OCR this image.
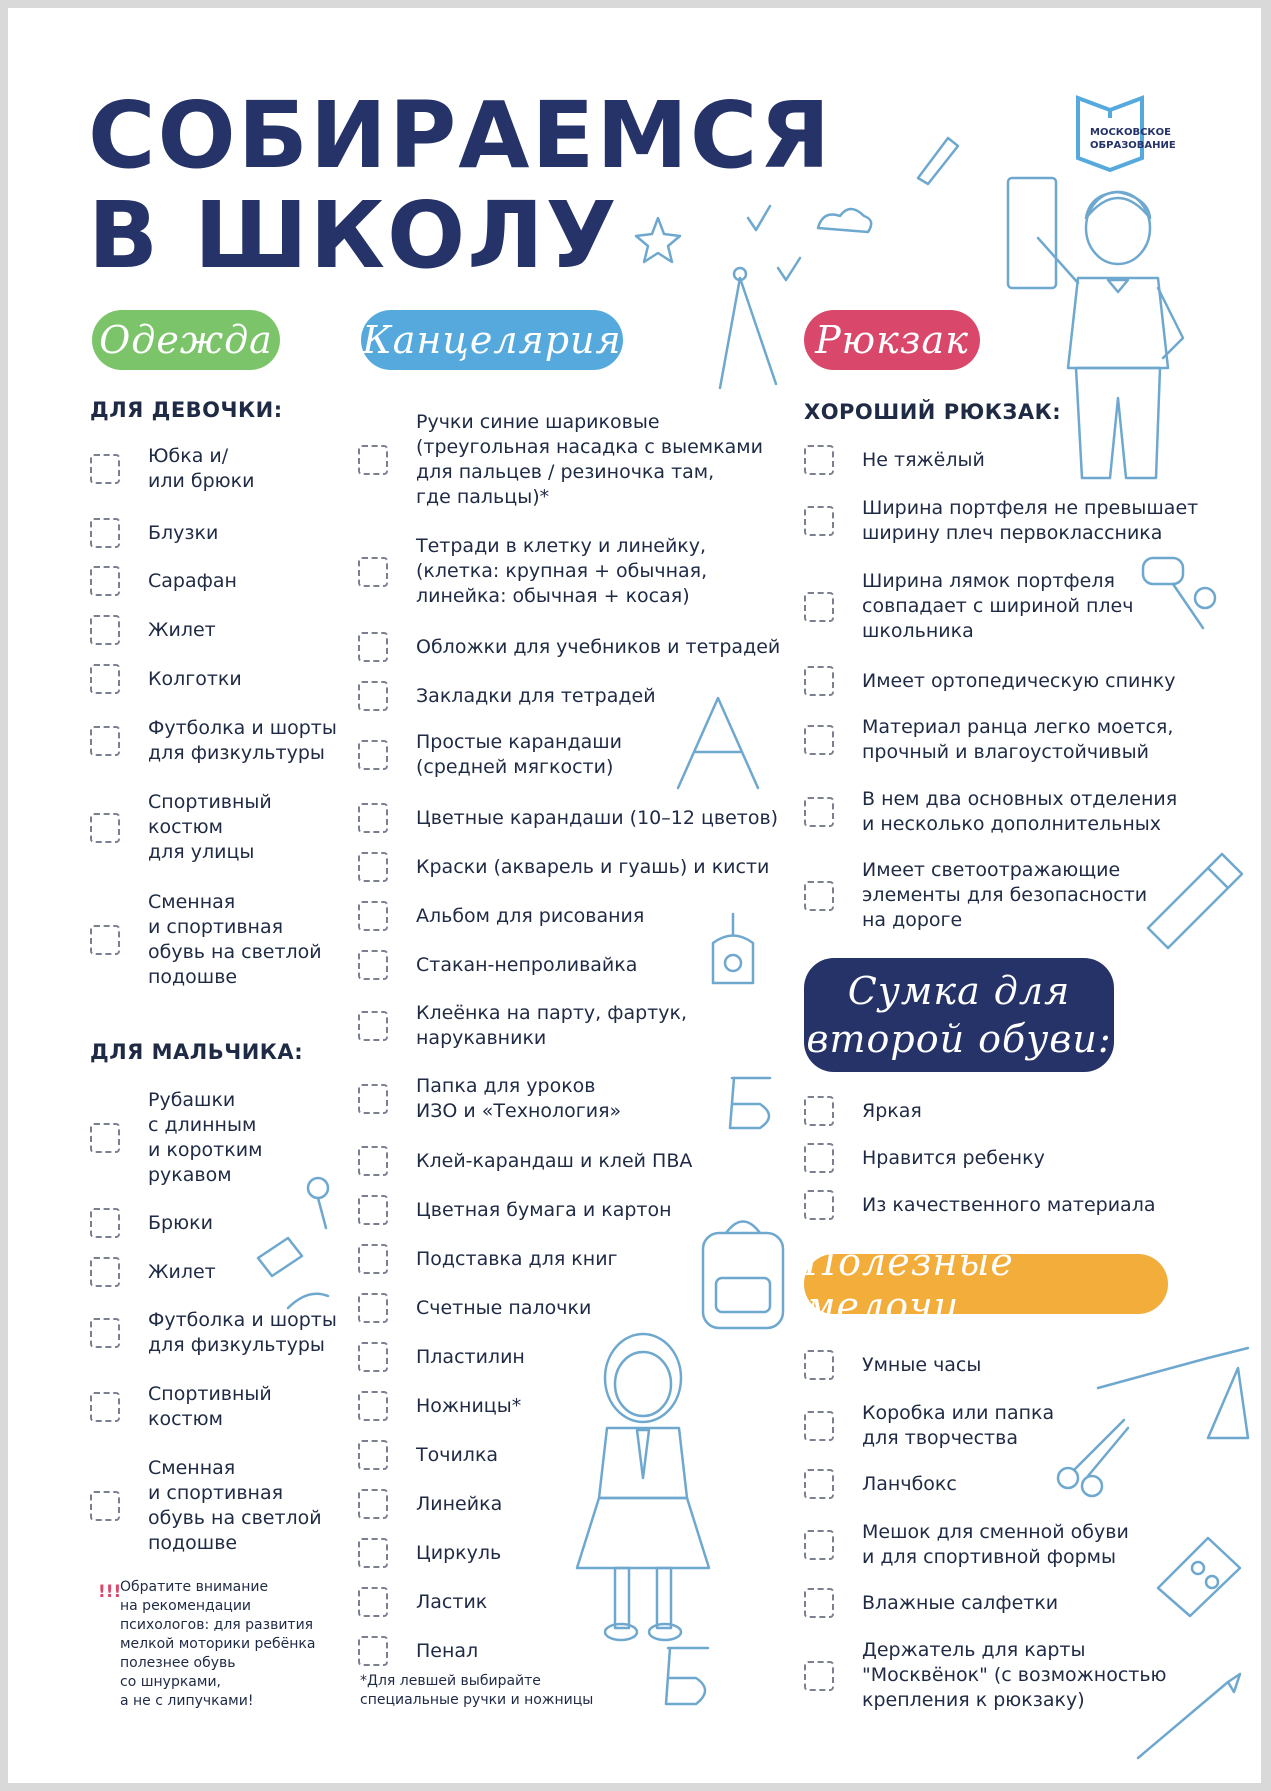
СОБИРАЕМСЯ
В ШКОЛУ
МОСКОВСКОЕ
ОБРАЗОВАНИЕ
Одежда Канцелярия	Рюкзак
Сумка для
второй обуви:
Полезные мелочи
ДЛЯ ДЕВОЧКИ:
Юбка и/
или брюки
Блузки
Сарафан
Жилет
Колготки
Футболка и шорты
для физкультуры
Спортивный
костюм
для улицы
Сменная
и спортивная
обувь на светлой
подошве
ДЛЯ МАЛЬЧИКА:
Рубашки
с длинным
и коротким
рукавом
Брюки
Жилет
Футболка и шорты
для физкультуры
Спортивный
костюм
Сменная
и спортивная
обувь на светлой
подошве
!!!
Обратите внимание
на рекомендации
психологов: для развития
мелкой моторики ребёнка
полезнее обувь
со шнурками,
а не с липучками!
Ручки синие шариковые
(треугольная насадка с выемками
для пальцев / резиночка там,
где пальцы)*
Тетради в клетку и линейку,
(клетка: крупная + обычная,
линейка: обычная + косая)
Обложки для учебников и тетрадей
Закладки для тетрадей
Простые карандаши
(средней мягкости)
Цветные карандаши (10–12 цветов)
Краски (акварель и гуашь) и кисти
Альбом для рисования
Стакан-непроливайка
Клеёнка на парту, фартук,
нарукавники
Папка для уроков
ИЗО и «Технология»
Клей-карандаш и клей ПВА
Цветная бумага и картон
Подставка для книг
Счетные палочки
Пластилин
Ножницы*
Точилка
Линейка
Циркуль
Ластик
Пенал
*Для левшей выбирайте
специальные ручки и ножницы
ХОРОШИЙ РЮКЗАК:
Не тяжёлый
Ширина портфеля не превышает
ширину плеч первоклассника
Ширина лямок портфеля
совпадает с шириной плеч
школьника
Имеет ортопедическую спинку
Материал ранца легко моется,
прочный и влагоустойчивый
В нем два основных отделения
и несколько дополнительных
Имеет светоотражающие
элементы для безопасности
на дороге
Яркая
Нравится ребенку
Из качественного материала
Умные часы
Коробка или папка
для творчества
Ланчбокс
Мешок для сменной обуви
и для спортивной формы
Влажные салфетки
Держатель для карты
"Москвёнок" (с возможностью
крепления к рюкзаку)
